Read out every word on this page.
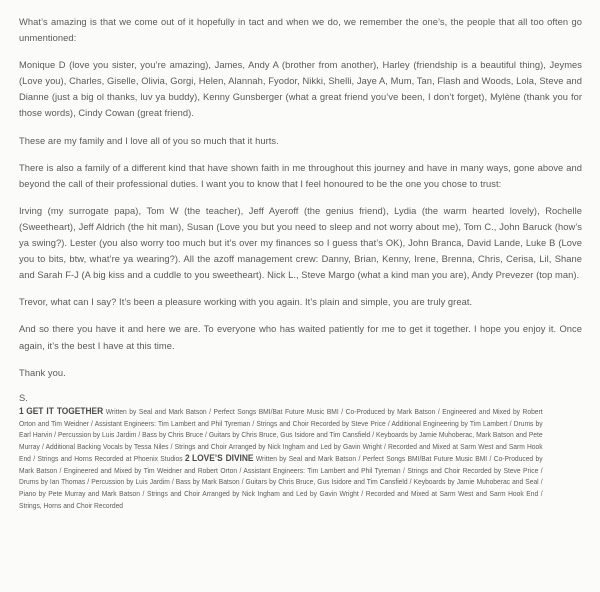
What’s amazing is that we come out of it hopefully in tact and when we do, we remember the one’s, the people that all too often go unmentioned:

Monique D (love you sister, you’re amazing), James, Andy A (brother from another), Harley (friendship is a beautiful thing), Jeymes (Love you), Charles, Giselle, Olivia, Gorgi, Helen, Alannah, Fyodor, Nikki, Shelli, Jaye A, Mum, Tan, Flash and Woods, Lola, Steve and Dianne (just a big ol thanks, luv ya buddy), Kenny Gunsberger (what a great friend you’ve been, I don’t forget), Mylène (thank you for those words), Cindy Cowan (great friend).

These are my family and I love all of you so much that it hurts.

There is also a family of a different kind that have shown faith in me throughout this journey and have in many ways, gone above and beyond the call of their professional duties. I want you to know that I feel honoured to be the one you chose to trust:

Irving (my surrogate papa), Tom W (the teacher), Jeff Ayeroff (the genius friend), Lydia (the warm hearted lovely), Rochelle (Sweetheart), Jeff Aldrich (the hit man), Susan (Love you but you need to sleep and not worry about me), Tom C., John Baruck (how’s ya swing?). Lester (you also worry too much but it’s over my finances so I guess that’s OK), John Branca, David Lande, Luke B (Love you to bits, btw, what’re ya wearing?). All the azoff management crew: Danny, Brian, Kenny, Irene, Brenna, Chris, Cerisa, Lil, Shane and Sarah F-J (A big kiss and a cuddle to you sweetheart). Nick L., Steve Margo (what a kind man you are), Andy Prevezer (top man).

Trevor, what can I say? It’s been a pleasure working with you again. It’s plain and simple, you are truly great.

And so there you have it and here we are. To everyone who has waited patiently for me to get it together. I hope you enjoy it. Once again, it’s the best I have at this time.

Thank you.

S.

1 GET IT TOGETHER Written by Seal and Mark Batson / Perfect Songs BMI/Bat Future Music BMI / Co-Produced by Mark Batson / Engineered and Mixed by Robert Orton and Tim Weidner / Assistant Engineers: Tim Lambert and Phil Tyreman / Strings and Choir Recorded by Steve Price / Additional Engineering by Tim Lambert / Drums by Earl Harvin / Percussion by Luis Jardim / Bass by Chris Bruce / Guitars by Chris Bruce, Gus Isidore and Tim Cansfield / Keyboards by Jamie Muhoberac, Mark Batson and Pete Murray / Additional Backing Vocals by Tessa Niles / Strings and Choir Arranged by Nick Ingham and Led by Gavin Wright / Recorded and Mixed at Sarm West and Sarm Hook End / Strings and Horns Recorded at Phoenix Studios 2 LOVE’S DIVINE Written by Seal and Mark Batson / Perfect Songs BMI/Bat Future Music BMI / Co-Produced by Mark Batson / Engineered and Mixed by Tim Weidner and Robert Orton / Assistant Engineers: Tim Lambert and Phil Tyreman / Strings and Choir Recorded by Steve Price / Drums by Ian Thomas / Percussion by Luis Jardim / Bass by Mark Batson / Guitars by Chris Bruce, Gus Isidore and Tim Cansfield / Keyboards by Jamie Muhoberac and Seal / Piano by Pete Murray and Mark Batson / Strings and Choir Arranged by Nick Ingham and Led by Gavin Wright / Recorded and Mixed at Sarm West and Sarm Hook End / Strings, Horns and Choir Recorded
